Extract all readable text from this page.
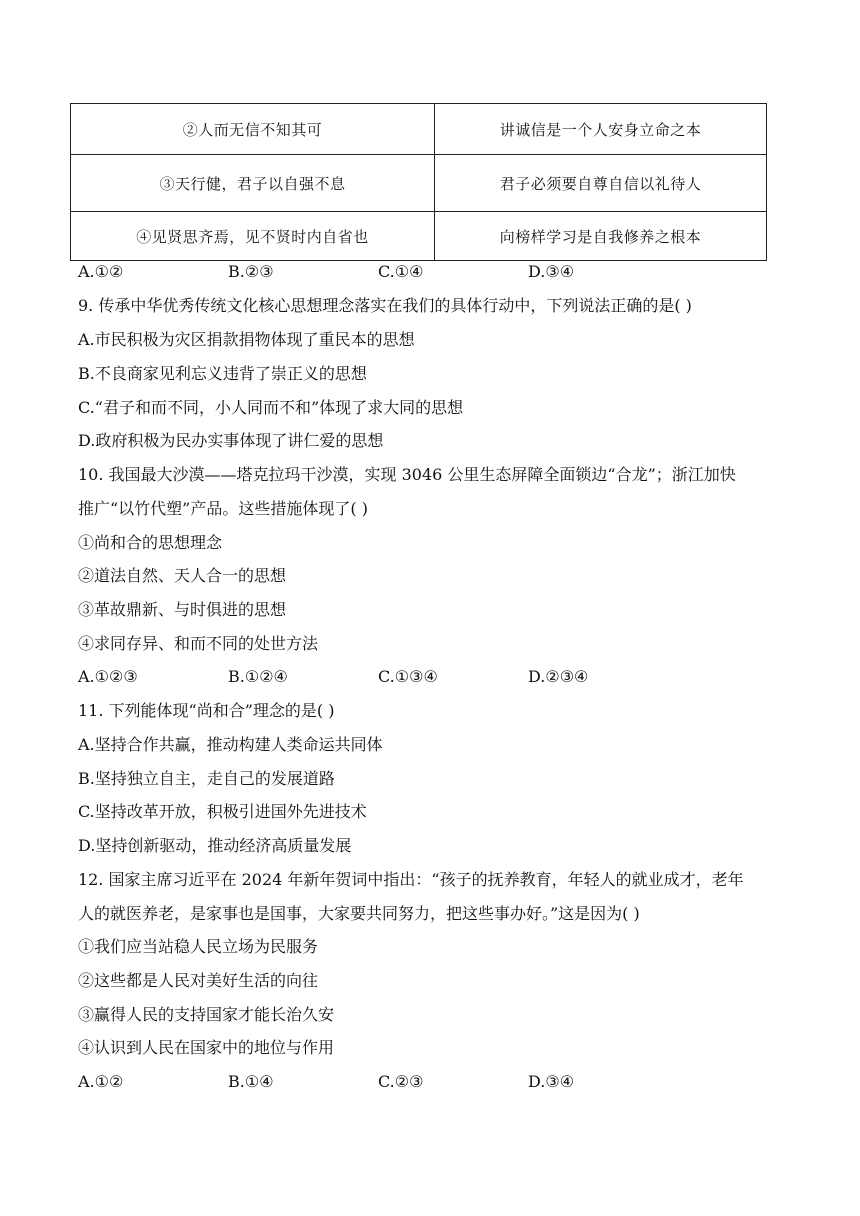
②人而无信不知其可	讲诚信是一个人安身立命之本
③天行健，君子以自强不息	君子必须要自尊自信以礼待人
④见贤思齐焉，见不贤时内自省也	向榜样学习是自我修养之根本
A.①②	B.②③	C.①④	D.③④
9. 传承中华优秀传统文化核心思想理念落实在我们的具体行动中，下列说法正确的是( )
A.市民积极为灾区捐款捐物体现了重民本的思想
B.不良商家见利忘义违背了崇正义的思想
C.“君子和而不同，小人同而不和”体现了求大同的思想
D.政府积极为民办实事体现了讲仁爱的思想
10. 我国最大沙漠——塔克拉玛干沙漠，实现 3046 公里生态屏障全面锁边“合龙”；浙江加快
推广“以竹代塑”产品。这些措施体现了( )
①尚和合的思想理念
②道法自然、天人合一的思想
③革故鼎新、与时俱进的思想
④求同存异、和而不同的处世方法
A.①②③	B.①②④	C.①③④	D.②③④
11. 下列能体现“尚和合”理念的是( )
A.坚持合作共赢，推动构建人类命运共同体
B.坚持独立自主，走自己的发展道路
C.坚持改革开放，积极引进国外先进技术
D.坚持创新驱动，推动经济高质量发展
12. 国家主席习近平在 2024 年新年贺词中指出：“孩子的抚养教育，年轻人的就业成才，老年
人的就医养老，是家事也是国事，大家要共同努力，把这些事办好。”这是因为( )
①我们应当站稳人民立场为民服务
②这些都是人民对美好生活的向往
③赢得人民的支持国家才能长治久安
④认识到人民在国家中的地位与作用
A.①②	B.①④	C.②③	D.③④
